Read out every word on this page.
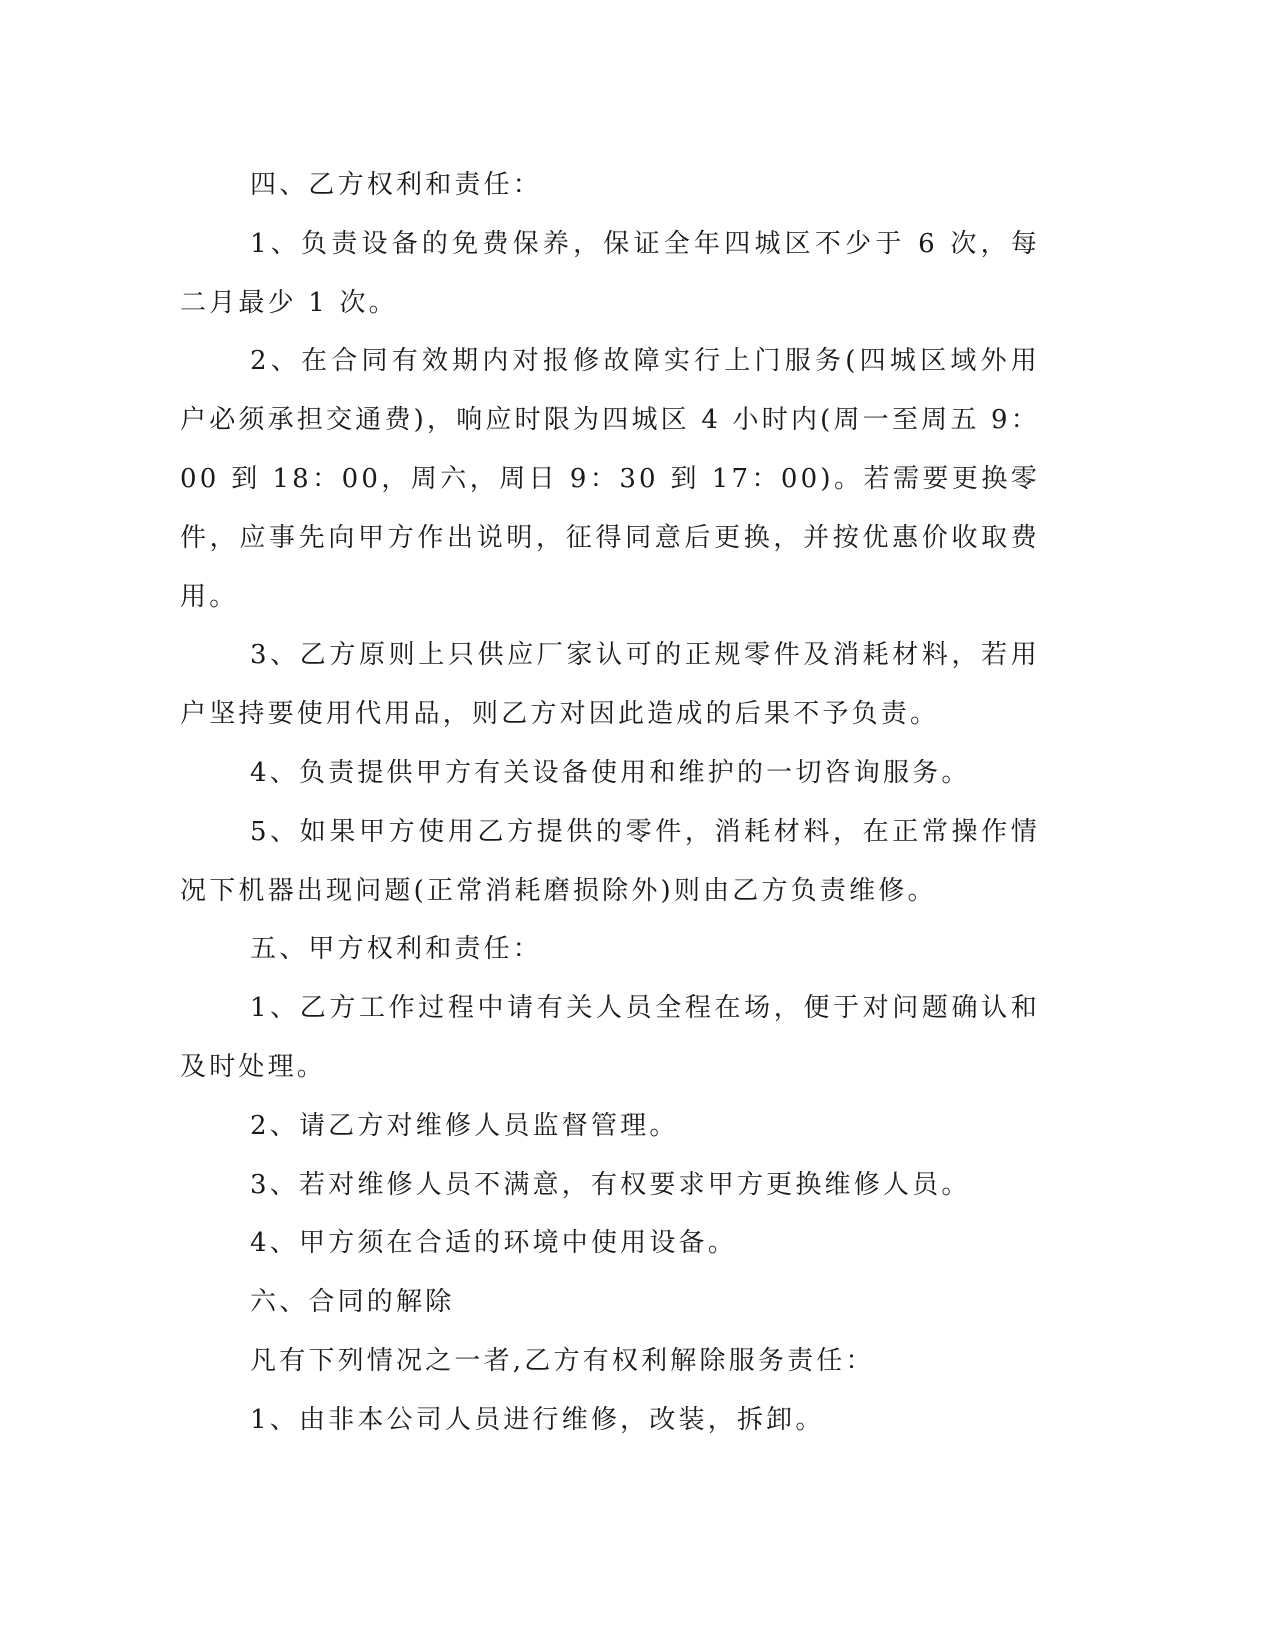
四、乙方权利和责任：

1、负责设备的免费保养，保证全年四城区不少于 6 次，每二月最少 1 次。

2、在合同有效期内对报修故障实行上门服务(四城区域外用户必须承担交通费)，响应时限为四城区 4 小时内(周一至周五 9：00 到 18：00，周六，周日 9：30 到 17：00)。若需要更换零件，应事先向甲方作出说明，征得同意后更换，并按优惠价收取费用。

3、乙方原则上只供应厂家认可的正规零件及消耗材料，若用户坚持要使用代用品，则乙方对因此造成的后果不予负责。

4、负责提供甲方有关设备使用和维护的一切咨询服务。

5、如果甲方使用乙方提供的零件，消耗材料，在正常操作情况下机器出现问题(正常消耗磨损除外)则由乙方负责维修。

五、甲方权利和责任：

1、乙方工作过程中请有关人员全程在场，便于对问题确认和及时处理。

2、请乙方对维修人员监督管理。

3、若对维修人员不满意，有权要求甲方更换维修人员。

4、甲方须在合适的环境中使用设备。

六、合同的解除

凡有下列情况之一者,乙方有权利解除服务责任：

1、由非本公司人员进行维修，改装，拆卸。
